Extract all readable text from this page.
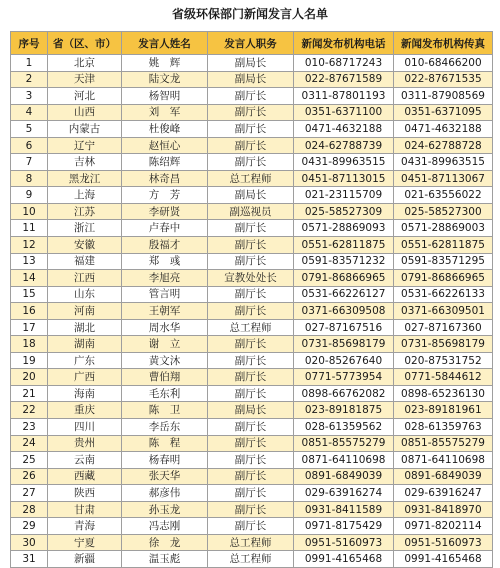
省级环保部门新闻发言人名单
序号	省（区、市）	发言人姓名	发言人职务	新闻发布机构电话	新闻发布机构传真
1	北京	姚　辉	副局长	010-68717243	010-68466200
2	天津	陆文龙	副局长	022-87671589	022-87671535
3	河北	杨智明	副厅长	0311-87801193	0311-87908569
4	山西	刘　军	副厅长	0351-6371100	0351-6371095
5	内蒙古	杜俊峰	副厅长	0471-4632188	0471-4632188
6	辽宁	赵恒心	副厅长	024-62788739	024-62788728
7	吉林	陈绍辉	副厅长	0431-89963515	0431-89963515
8	黑龙江	林奇昌	总工程师	0451-87113015	0451-87113067
9	上海	方　芳	副局长	021-23115709	021-63556022
10	江苏	李研贤	副巡视员	025-58527309	025-58527300
11	浙江	卢春中	副厅长	0571-28869093	0571-28869003
12	安徽	殷福才	副厅长	0551-62811875	0551-62811875
13	福建	郑　彧	副厅长	0591-83571232	0591-83571295
14	江西	李旭亮	宣教处处长	0791-86866965	0791-86866965
15	山东	管言明	副厅长	0531-66226127	0531-66226133
16	河南	王朝军	副厅长	0371-66309508	0371-66309501
17	湖北	周水华	总工程师	027-87167516	027-87167360
18	湖南	谢　立	副厅长	0731-85698179	0731-85698179
19	广东	黄文沐	副厅长	020-85267640	020-87531752
20	广西	曹伯翔	副厅长	0771-5773954	0771-5844612
21	海南	毛东利	副厅长	0898-66762082	0898-65236130
22	重庆	陈　卫	副局长	023-89181875	023-89181961
23	四川	李岳东	副厅长	028-61359562	028-61359763
24	贵州	陈　程	副厅长	0851-85575279	0851-85575279
25	云南	杨春明	副厅长	0871-64110698	0871-64110698
26	西藏	张天华	副厅长	0891-6849039	0891-6849039
27	陕西	郝彦伟	副厅长	029-63916274	029-63916247
28	甘肃	孙玉龙	副厅长	0931-8411589	0931-8418970
29	青海	冯志刚	副厅长	0971-8175429	0971-8202114
30	宁夏	徐　龙	总工程师	0951-5160973	0951-5160973
31	新疆	温玉彪	总工程师	0991-4165468	0991-4165468
